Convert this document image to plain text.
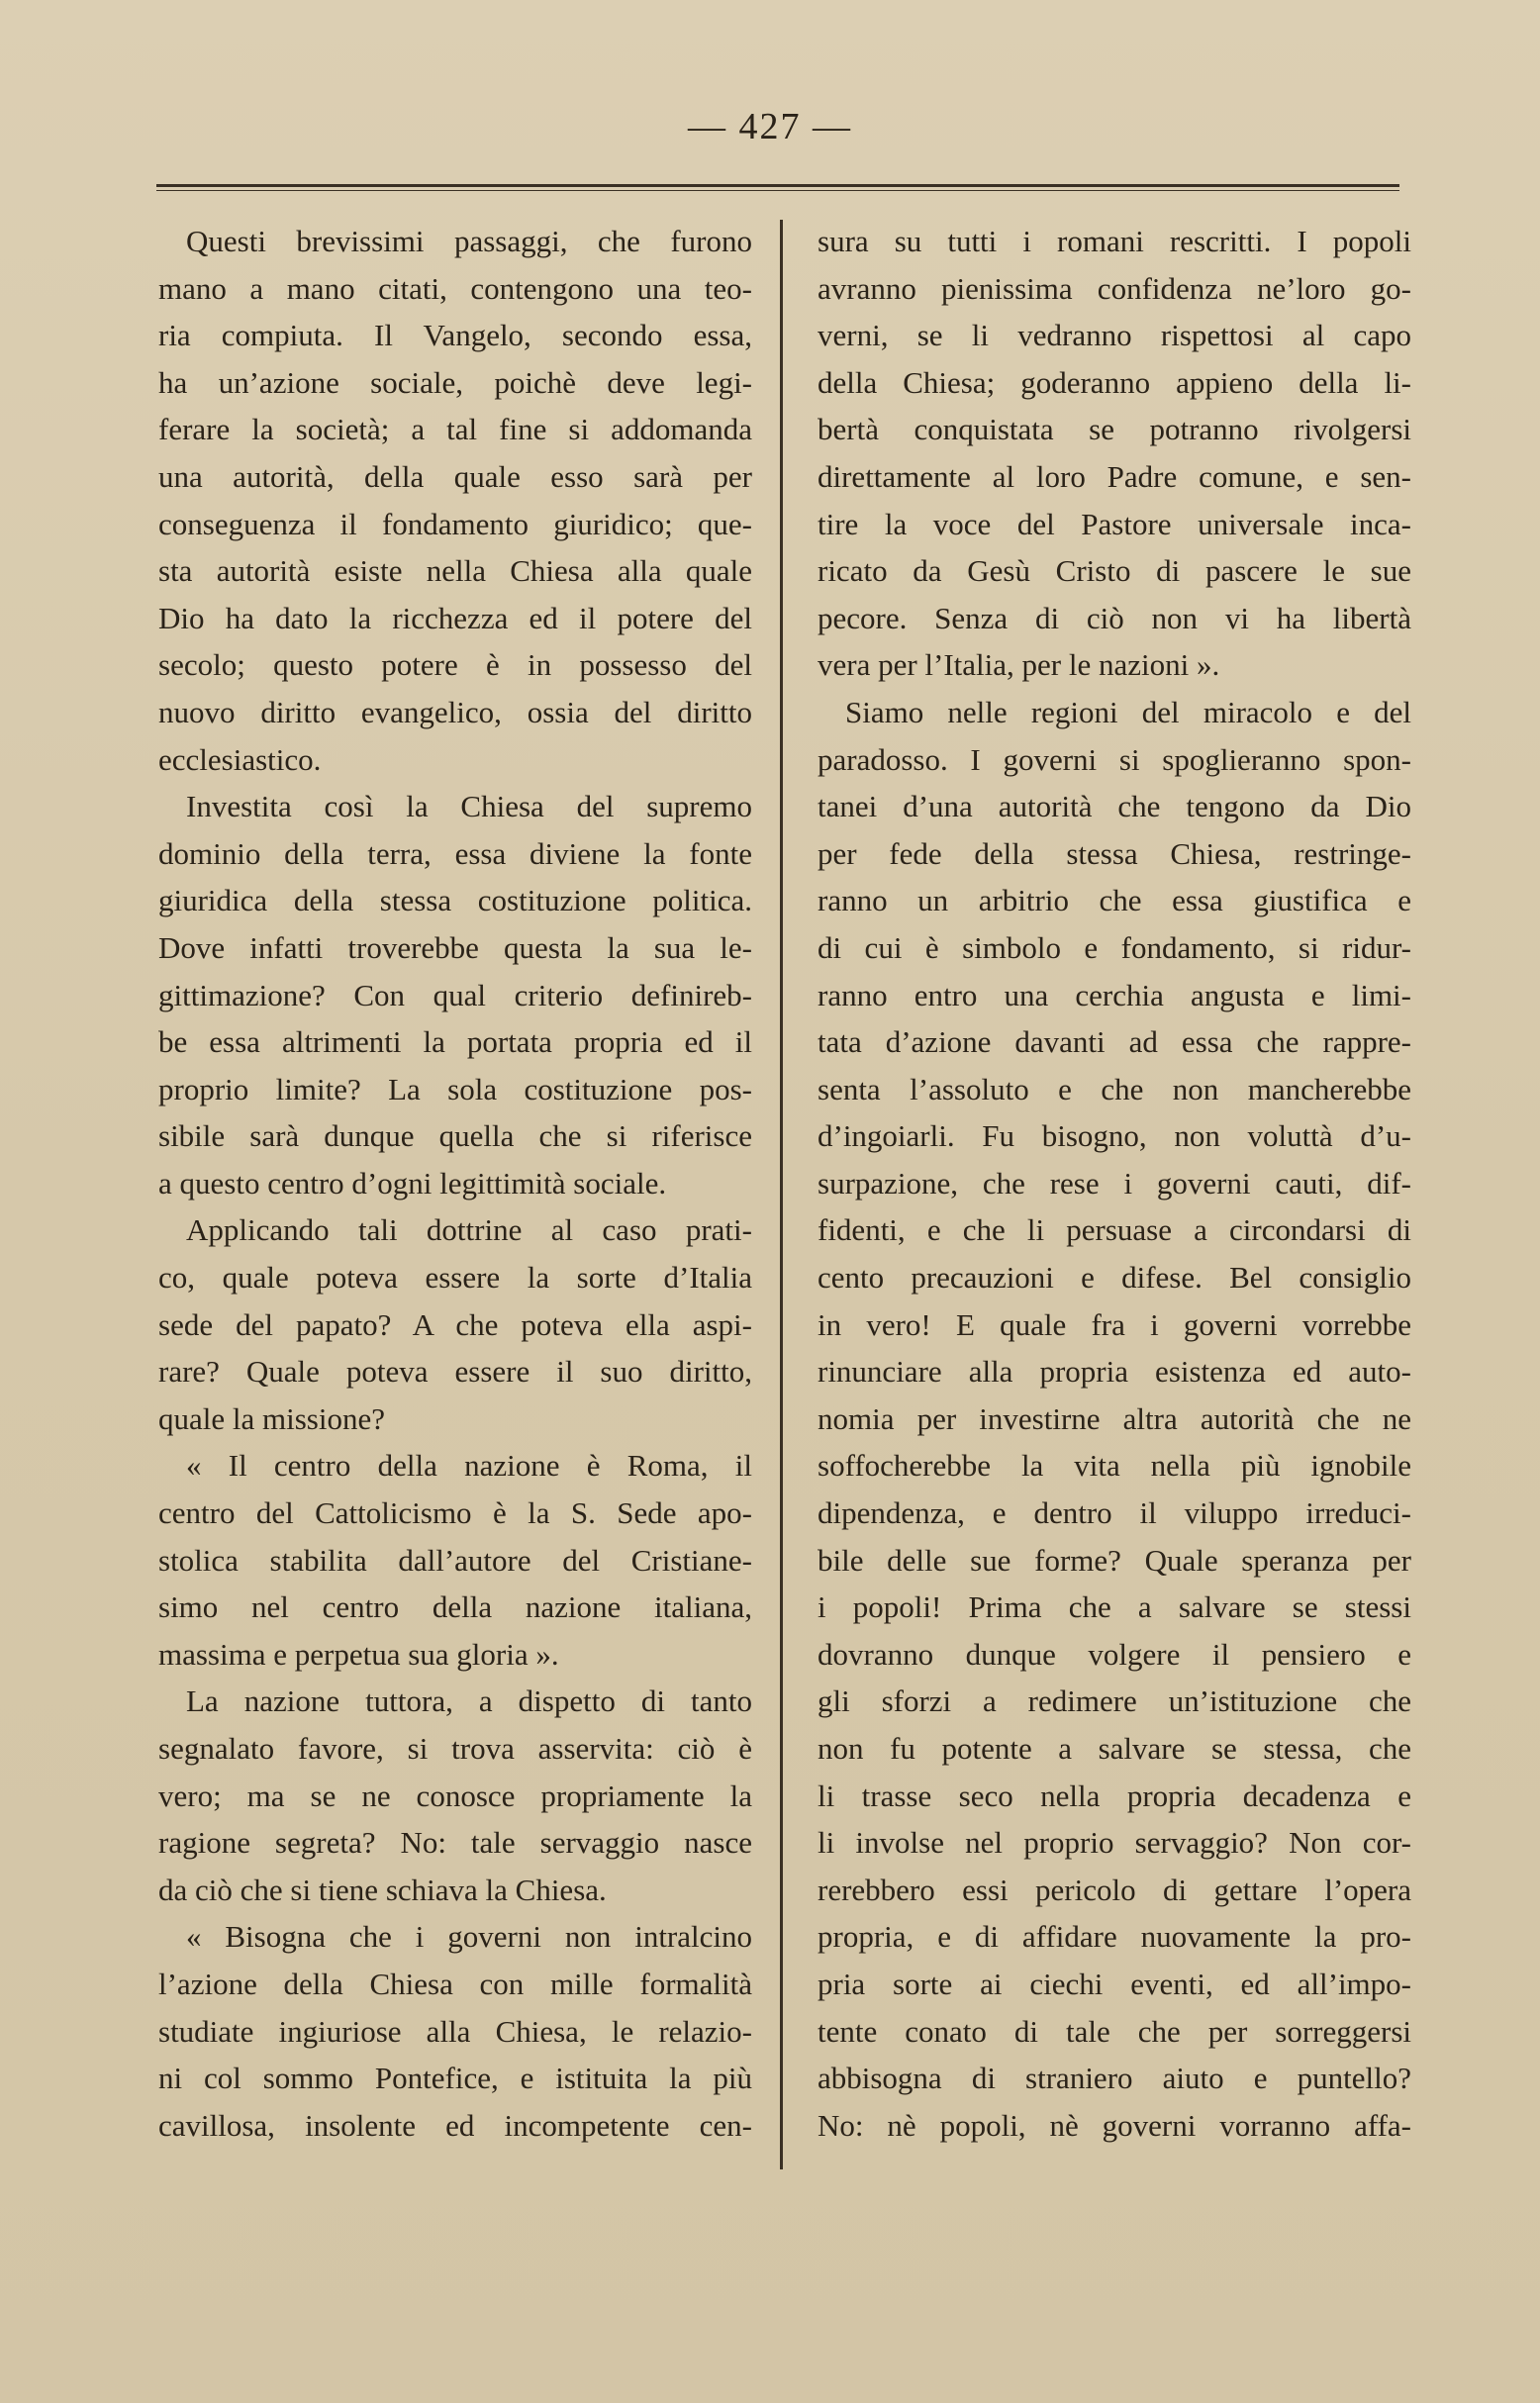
— 427 —
Questi brevissimi passaggi, che furono
mano a mano citati, contengono una teo-
ria compiuta. Il Vangelo, secondo essa,
ha un’azione sociale, poichè deve legi-
ferare la società; a tal fine si addomanda
una autorità, della quale esso sarà per
conseguenza il fondamento giuridico; que-
sta autorità esiste nella Chiesa alla quale
Dio ha dato la ricchezza ed il potere del
secolo; questo potere è in possesso del
nuovo diritto evangelico, ossia del diritto
ecclesiastico.
Investita così la Chiesa del supremo
dominio della terra, essa diviene la fonte
giuridica della stessa costituzione politica.
Dove infatti troverebbe questa la sua le-
gittimazione? Con qual criterio definireb-
be essa altrimenti la portata propria ed il
proprio limite? La sola costituzione pos-
sibile sarà dunque quella che si riferisce
a questo centro d’ogni legittimità sociale.
Applicando tali dottrine al caso prati-
co, quale poteva essere la sorte d’Italia
sede del papato? A che poteva ella aspi-
rare? Quale poteva essere il suo diritto,
quale la missione?
« Il centro della nazione è Roma, il
centro del Cattolicismo è la S. Sede apo-
stolica stabilita dall’autore del Cristiane-
simo nel centro della nazione italiana,
massima e perpetua sua gloria ».
La nazione tuttora, a dispetto di tanto
segnalato favore, si trova asservita: ciò è
vero; ma se ne conosce propriamente la
ragione segreta? No: tale servaggio nasce
da ciò che si tiene schiava la Chiesa.
« Bisogna che i governi non intralcino
l’azione della Chiesa con mille formalità
studiate ingiuriose alla Chiesa, le relazio-
ni col sommo Pontefice, e istituita la più
cavillosa, insolente ed incompetente cen-
sura su tutti i romani rescritti. I popoli
avranno pienissima confidenza ne’loro go-
verni, se li vedranno rispettosi al capo
della Chiesa; goderanno appieno della li-
bertà conquistata se potranno rivolgersi
direttamente al loro Padre comune, e sen-
tire la voce del Pastore universale inca-
ricato da Gesù Cristo di pascere le sue
pecore. Senza di ciò non vi ha libertà
vera per l’Italia, per le nazioni ».
Siamo nelle regioni del miracolo e del
paradosso. I governi si spoglieranno spon-
tanei d’una autorità che tengono da Dio
per fede della stessa Chiesa, restringe-
ranno un arbitrio che essa giustifica e
di cui è simbolo e fondamento, si ridur-
ranno entro una cerchia angusta e limi-
tata d’azione davanti ad essa che rappre-
senta l’assoluto e che non mancherebbe
d’ingoiarli. Fu bisogno, non voluttà d’u-
surpazione, che rese i governi cauti, dif-
fidenti, e che li persuase a circondarsi di
cento precauzioni e difese. Bel consiglio
in vero! E quale fra i governi vorrebbe
rinunciare alla propria esistenza ed auto-
nomia per investirne altra autorità che ne
soffocherebbe la vita nella più ignobile
dipendenza, e dentro il viluppo irreduci-
bile delle sue forme? Quale speranza per
i popoli! Prima che a salvare se stessi
dovranno dunque volgere il pensiero e
gli sforzi a redimere un’istituzione che
non fu potente a salvare se stessa, che
li trasse seco nella propria decadenza e
li involse nel proprio servaggio? Non cor-
rerebbero essi pericolo di gettare l’opera
propria, e di affidare nuovamente la pro-
pria sorte ai ciechi eventi, ed all’impo-
tente conato di tale che per sorreggersi
abbisogna di straniero aiuto e puntello?
No: nè popoli, nè governi vorranno affa-
